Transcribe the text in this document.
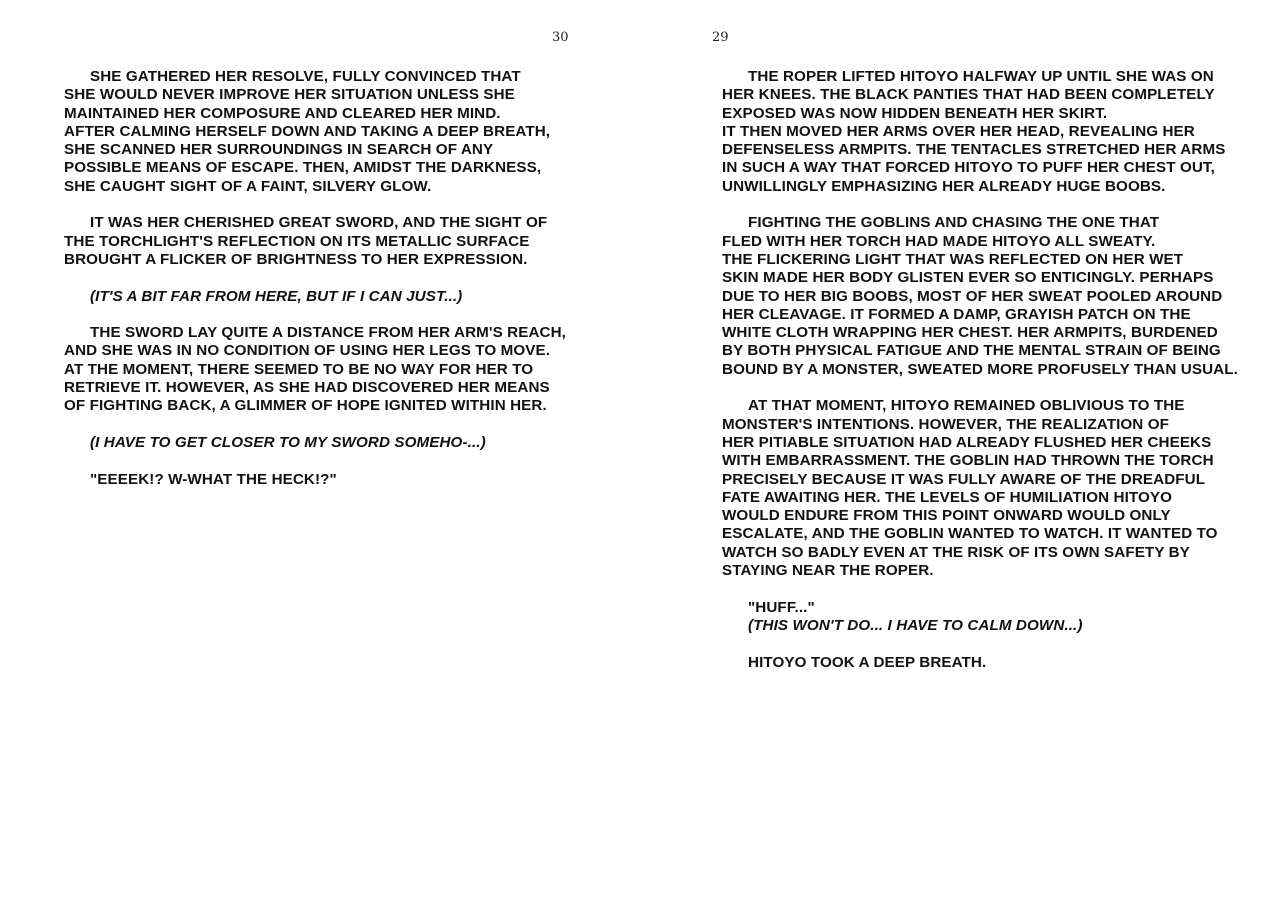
30
SHE GATHERED HER RESOLVE, FULLY CONVINCED THAT
SHE WOULD NEVER IMPROVE HER SITUATION UNLESS SHE
MAINTAINED HER COMPOSURE AND CLEARED HER MIND.
AFTER CALMING HERSELF DOWN AND TAKING A DEEP BREATH,
SHE SCANNED HER SURROUNDINGS IN SEARCH OF ANY
POSSIBLE MEANS OF ESCAPE. THEN, AMIDST THE DARKNESS,
SHE CAUGHT SIGHT OF A FAINT, SILVERY GLOW.
IT WAS HER CHERISHED GREAT SWORD, AND THE SIGHT OF
THE TORCHLIGHT'S REFLECTION ON ITS METALLIC SURFACE
BROUGHT A FLICKER OF BRIGHTNESS TO HER EXPRESSION.
(IT'S A BIT FAR FROM HERE, BUT IF I CAN JUST...)
THE SWORD LAY QUITE A DISTANCE FROM HER ARM'S REACH,
AND SHE WAS IN NO CONDITION OF USING HER LEGS TO MOVE.
AT THE MOMENT, THERE SEEMED TO BE NO WAY FOR HER TO
RETRIEVE IT. HOWEVER, AS SHE HAD DISCOVERED HER MEANS
OF FIGHTING BACK, A GLIMMER OF HOPE IGNITED WITHIN HER.
(I HAVE TO GET CLOSER TO MY SWORD SOMEHO-...)
"EEEEK!? W-WHAT THE HECK!?"
29
THE ROPER LIFTED HITOYO HALFWAY UP UNTIL SHE WAS ON
HER KNEES. THE BLACK PANTIES THAT HAD BEEN COMPLETELY
EXPOSED WAS NOW HIDDEN BENEATH HER SKIRT.
IT THEN MOVED HER ARMS OVER HER HEAD, REVEALING HER
DEFENSELESS ARMPITS. THE TENTACLES STRETCHED HER ARMS
IN SUCH A WAY THAT FORCED HITOYO TO PUFF HER CHEST OUT,
UNWILLINGLY EMPHASIZING HER ALREADY HUGE BOOBS.
FIGHTING THE GOBLINS AND CHASING THE ONE THAT
FLED WITH HER TORCH HAD MADE HITOYO ALL SWEATY.
THE FLICKERING LIGHT THAT WAS REFLECTED ON HER WET
SKIN MADE HER BODY GLISTEN EVER SO ENTICINGLY. PERHAPS
DUE TO HER BIG BOOBS, MOST OF HER SWEAT POOLED AROUND
HER CLEAVAGE. IT FORMED A DAMP, GRAYISH PATCH ON THE
WHITE CLOTH WRAPPING HER CHEST. HER ARMPITS, BURDENED
BY BOTH PHYSICAL FATIGUE AND THE MENTAL STRAIN OF BEING
BOUND BY A MONSTER, SWEATED MORE PROFUSELY THAN USUAL.
AT THAT MOMENT, HITOYO REMAINED OBLIVIOUS TO THE
MONSTER'S INTENTIONS. HOWEVER, THE REALIZATION OF
HER PITIABLE SITUATION HAD ALREADY FLUSHED HER CHEEKS
WITH EMBARRASSMENT. THE GOBLIN HAD THROWN THE TORCH
PRECISELY BECAUSE IT WAS FULLY AWARE OF THE DREADFUL
FATE AWAITING HER. THE LEVELS OF HUMILIATION HITOYO
WOULD ENDURE FROM THIS POINT ONWARD WOULD ONLY
ESCALATE, AND THE GOBLIN WANTED TO WATCH. IT WANTED TO
WATCH SO BADLY EVEN AT THE RISK OF ITS OWN SAFETY BY
STAYING NEAR THE ROPER.
"HUFF..."
(THIS WON'T DO... I HAVE TO CALM DOWN...)
HITOYO TOOK A DEEP BREATH.
